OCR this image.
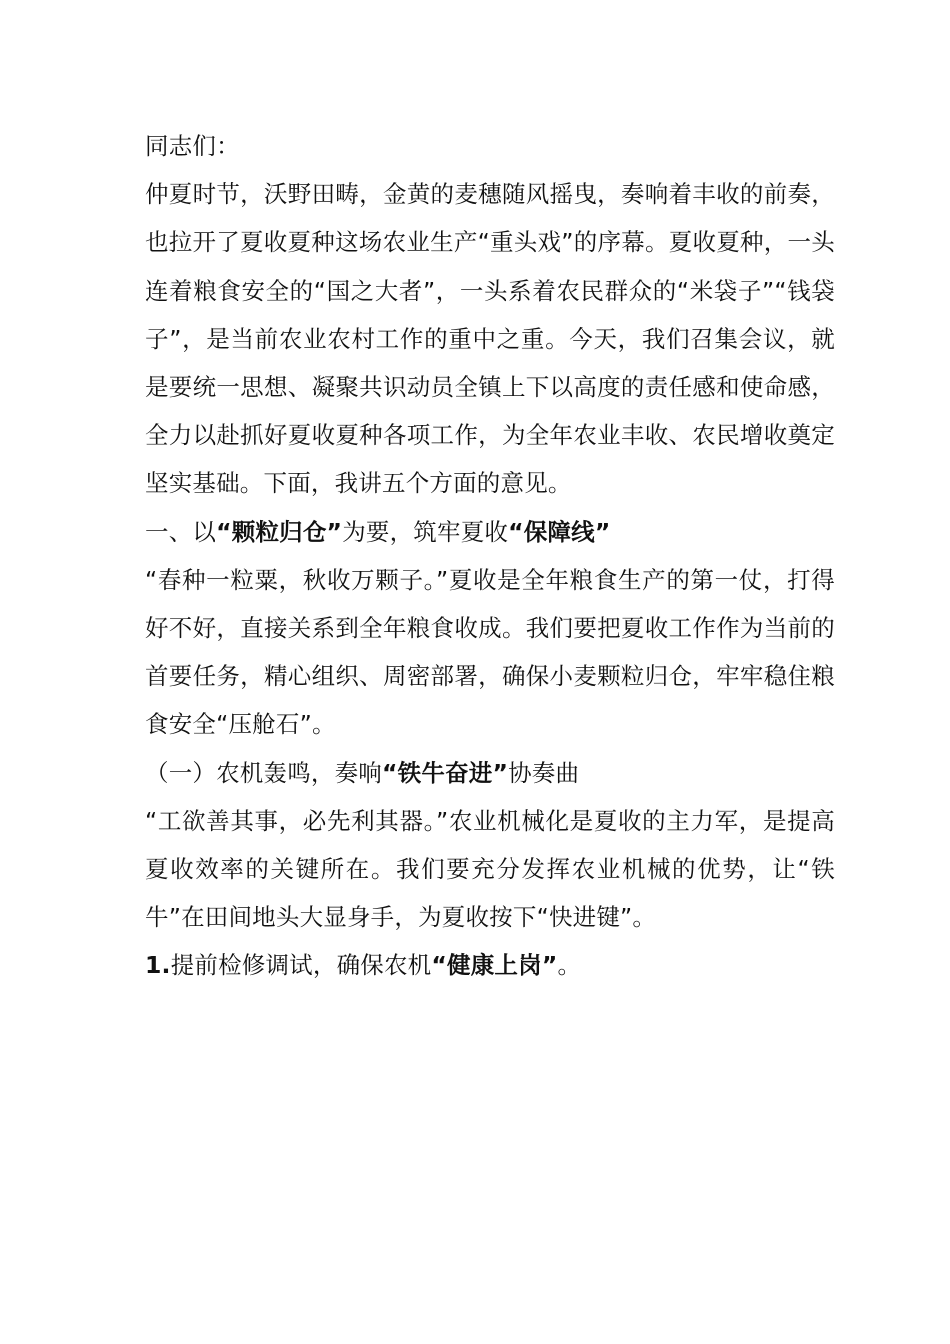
同志们：

仲夏时节，沃野田畴，金黄的麦穗随风摇曳，奏响着丰收的前奏，也拉开了夏收夏种这场农业生产“重头戏”的序幕。夏收夏种，一头连着粮食安全的“国之大者”，一头系着农民群众的“米袋子”“钱袋子”，是当前农业农村工作的重中之重。今天，我们召集会议，就是要统一思想、凝聚共识动员全镇上下以高度的责任感和使命感，全力以赴抓好夏收夏种各项工作，为全年农业丰收、农民增收奠定坚实基础。下面，我讲五个方面的意见。

一、以“颗粒归仓”为要，筑牢夏收“保障线”

“春种一粒粟，秋收万颗子。”夏收是全年粮食生产的第一仗，打得好不好，直接关系到全年粮食收成。我们要把夏收工作作为当前的首要任务，精心组织、周密部署，确保小麦颗粒归仓，牢牢稳住粮食安全“压舱石”。

（一）农机轰鸣，奏响“铁牛奋进”协奏曲

“工欲善其事，必先利其器。”农业机械化是夏收的主力军，是提高夏收效率的关键所在。我们要充分发挥农业机械的优势，让“铁牛”在田间地头大显身手，为夏收按下“快进键”。

1.提前检修调试，确保农机“健康上岗”。
